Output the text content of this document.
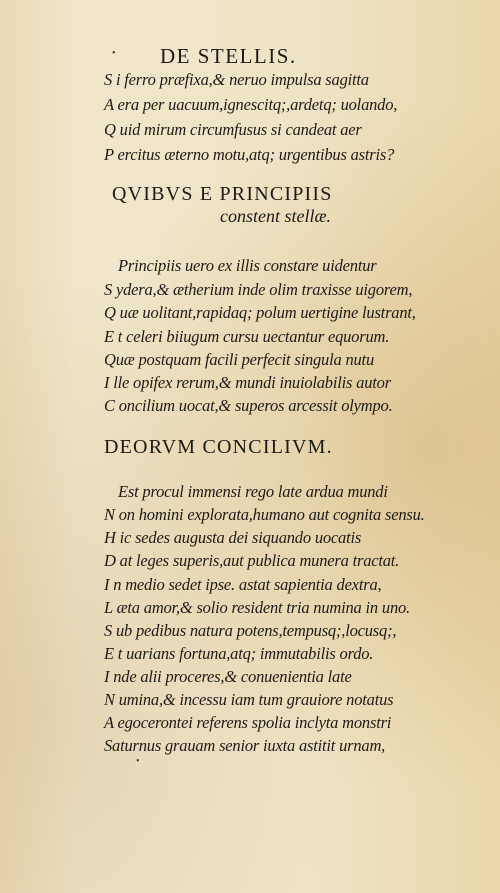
DE STELLIS.
S i ferro præfixa,& neruo impulsa sagitta
A era per uacuum,ignescitq;,ardetq; uolando,
Q uid mirum circumfusus si candeat aer
P ercitus æterno motu,atq; urgentibus astris?
QVIBVS E PRINCIPIIS
constent stellæ.
Principiis uero ex illis constare uidentur
S ydera,& ætherium inde olim traxisse uigorem,
Q uæ uolitant,rapidaq; polum uertigine lustrant,
E t celeri biiugum cursu uectantur equorum.
Quæ postquam facili perfecit singula nutu
I lle opifex rerum,& mundi inuiolabilis autor
C oncilium uocat,& superos arcessit olympo.
DEORVM CONCILIVM.
Est procul immensi rego late ardua mundi
N on homini explorata,humano aut cognita sensu.
H ic sedes augusta dei siquando uocatis
D at leges superis,aut publica munera tractat.
I n medio sedet ipse. astat sapientia dextra,
L æta amor,& solio resident tria numina in uno.
S ub pedibus natura potens,tempusq;,locusq;,
E t uarians fortuna,atq; immutabilis ordo.
I nde alii proceres,& conuenientia late
N umina,& incessu iam tum grauiore notatus
A egocerontei referens spolia inclyta monstri
Saturnus grauam senior iuxta astitit urnam,
•
•
